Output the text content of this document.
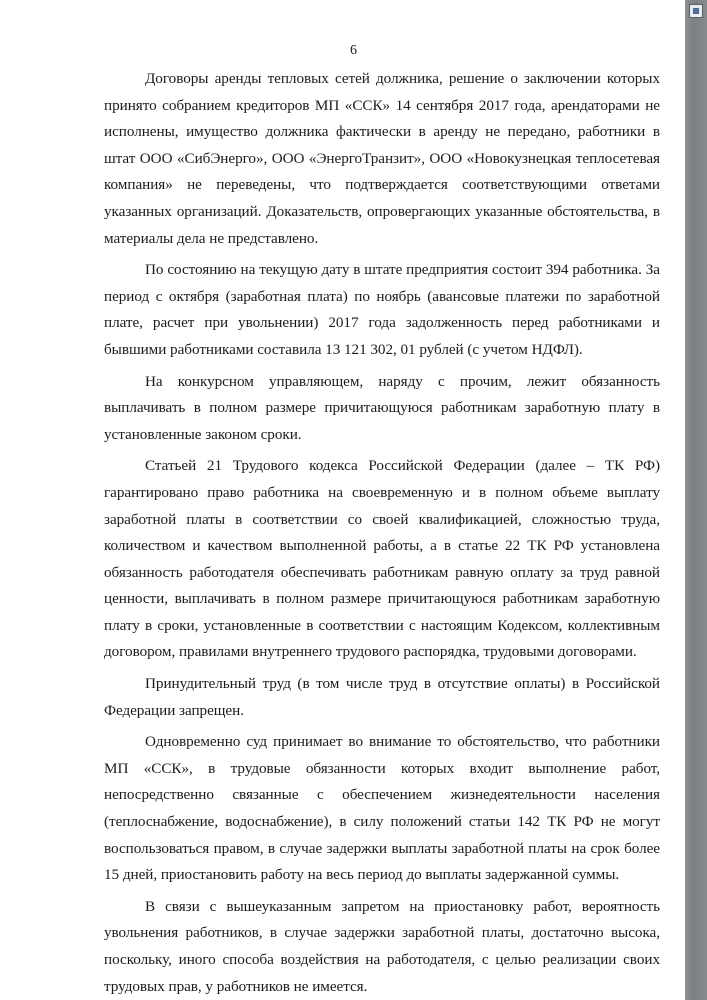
6

Договоры аренды тепловых сетей должника, решение о заключении которых принято собранием кредиторов МП «ССК» 14 сентября 2017 года, арендаторами не исполнены, имущество должника фактически в аренду не передано, работники в штат ООО «СибЭнерго», ООО «ЭнергоТранзит», ООО «Новокузнецкая теплосетевая компания» не переведены, что подтверждается соответствующими ответами указанных организаций. Доказательств, опровергающих указанные обстоятельства, в материалы дела не представлено.

По состоянию на текущую дату в штате предприятия состоит 394 работника. За период с октября (заработная плата) по ноябрь (авансовые платежи по заработной плате, расчет при увольнении) 2017 года задолженность перед работниками и бывшими работниками составила 13 121 302, 01 рублей (с учетом НДФЛ).

На конкурсном управляющем, наряду с прочим, лежит обязанность выплачивать в полном размере причитающуюся работникам заработную плату в установленные законом сроки.

Статьей 21 Трудового кодекса Российской Федерации (далее – ТК РФ) гарантировано право работника на своевременную и в полном объеме выплату заработной платы в соответствии со своей квалификацией, сложностью труда, количеством и качеством выполненной работы, а в статье 22 ТК РФ установлена обязанность работодателя обеспечивать работникам равную оплату за труд равной ценности, выплачивать в полном размере причитающуюся работникам заработную плату в сроки, установленные в соответствии с настоящим Кодексом, коллективным договором, правилами внутреннего трудового распорядка, трудовыми договорами.

Принудительный труд (в том числе труд в отсутствие оплаты) в Российской Федерации запрещен.

Одновременно суд принимает во внимание то обстоятельство, что работники МП «ССК», в трудовые обязанности которых входит выполнение работ, непосредственно связанные с обеспечением жизнедеятельности населения (теплоснабжение, водоснабжение), в силу положений статьи 142 ТК РФ не могут воспользоваться правом, в случае задержки выплаты заработной платы на срок более 15 дней, приостановить работу на весь период до выплаты задержанной суммы.

В связи с вышеуказанным запретом на приостановку работ, вероятность увольнения работников, в случае задержки заработной платы, достаточно высока, поскольку, иного способа воздействия на работодателя, с целью реализации своих трудовых прав, у работников не имеется.
